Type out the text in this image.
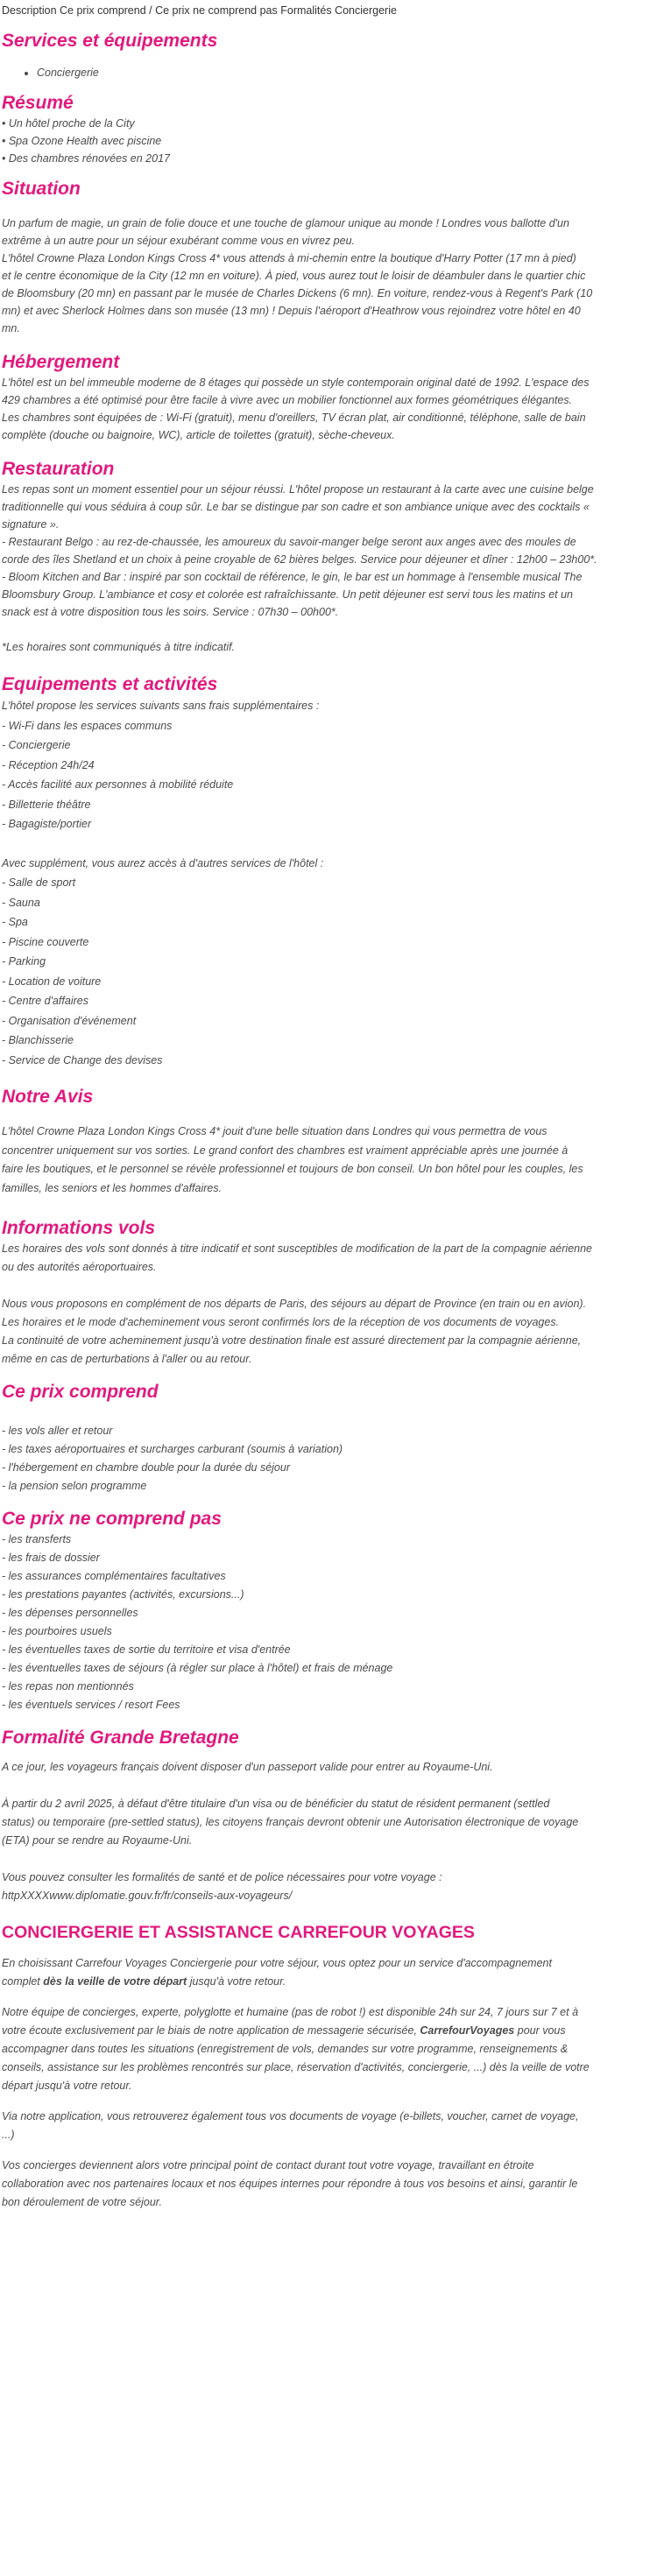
Description Ce prix comprend / Ce prix ne comprend pas Formalités Conciergerie
Services et équipements
• Conciergerie
Résumé
• Un hôtel proche de la City
• Spa Ozone Health avec piscine
• Des chambres rénovées en 2017
Situation
Un parfum de magie, un grain de folie douce et une touche de glamour unique au monde ! Londres vous ballotte d'un
extrême à un autre pour un séjour exubérant comme vous en vivrez peu.
L'hôtel Crowne Plaza London Kings Cross 4* vous attends à mi-chemin entre la boutique d'Harry Potter (17 mn à pied)
et le centre économique de la City (12 mn en voiture). À pied, vous aurez tout le loisir de déambuler dans le quartier chic
de Bloomsbury (20 mn) en passant par le musée de Charles Dickens (6 mn). En voiture, rendez-vous à Regent's Park (10
mn) et avec Sherlock Holmes dans son musée (13 mn) ! Depuis l'aéroport d'Heathrow vous rejoindrez votre hôtel en 40
mn.
Hébergement
L'hôtel est un bel immeuble moderne de 8 étages qui possède un style contemporain original daté de 1992. L'espace des
429 chambres a été optimisé pour être facile à vivre avec un mobilier fonctionnel aux formes géométriques élégantes.
Les chambres sont équipées de : Wi-Fi (gratuit), menu d'oreillers, TV écran plat, air conditionné, téléphone, salle de bain
complète (douche ou baignoire, WC), article de toilettes (gratuit), sèche-cheveux.
Restauration
Les repas sont un moment essentiel pour un séjour réussi. L'hôtel propose un restaurant à la carte avec une cuisine belge
traditionnelle qui vous séduira à coup sûr. Le bar se distingue par son cadre et son ambiance unique avec des cocktails «
signature ».
- Restaurant Belgo : au rez-de-chaussée, les amoureux du savoir-manger belge seront aux anges avec des moules de
corde des îles Shetland et un choix à peine croyable de 62 bières belges. Service pour déjeuner et dîner : 12h00 – 23h00*.
- Bloom Kitchen and Bar : inspiré par son cocktail de référence, le gin, le bar est un hommage à l'ensemble musical The
Bloomsbury Group. L'ambiance et cosy et colorée est rafraîchissante. Un petit déjeuner est servi tous les matins et un
snack est à votre disposition tous les soirs. Service : 07h30 – 00h00*.
*Les horaires sont communiqués à titre indicatif.
Equipements et activités
L'hôtel propose les services suivants sans frais supplémentaires :
- Wi-Fi dans les espaces communs
- Conciergerie
- Réception 24h/24
- Accès facilité aux personnes à mobilité réduite
- Billetterie théâtre
- Bagagiste/portier
Avec supplément, vous aurez accès à d'autres services de l'hôtel :
- Salle de sport
- Sauna
- Spa
- Piscine couverte
- Parking
- Location de voiture
- Centre d'affaires
- Organisation d'événement
- Blanchisserie
- Service de Change des devises
Notre Avis
L'hôtel Crowne Plaza London Kings Cross 4* jouit d'une belle situation dans Londres qui vous permettra de vous
concentrer uniquement sur vos sorties. Le grand confort des chambres est vraiment appréciable après une journée à
faire les boutiques, et le personnel se révèle professionnel et toujours de bon conseil. Un bon hôtel pour les couples, les
familles, les seniors et les hommes d'affaires.
Informations vols
Les horaires des vols sont donnés à titre indicatif et sont susceptibles de modification de la part de la compagnie aérienne
ou des autorités aéroportuaires.
Nous vous proposons en complément de nos départs de Paris, des séjours au départ de Province (en train ou en avion).
Les horaires et le mode d'acheminement vous seront confirmés lors de la réception de vos documents de voyages.
La continuité de votre acheminement jusqu'à votre destination finale est assuré directement par la compagnie aérienne,
même en cas de perturbations à l'aller ou au retour.
Ce prix comprend
- les vols aller et retour
- les taxes aéroportuaires et surcharges carburant (soumis à variation)
- l'hébergement en chambre double pour la durée du séjour
- la pension selon programme
Ce prix ne comprend pas
- les transferts
- les frais de dossier
- les assurances complémentaires facultatives
- les prestations payantes (activités, excursions...)
- les dépenses personnelles
- les pourboires usuels
- les éventuelles taxes de sortie du territoire et visa d'entrée
- les éventuelles taxes de séjours (à régler sur place à l'hôtel) et frais de ménage
- les repas non mentionnés
- les éventuels services / resort Fees
Formalité Grande Bretagne
A ce jour, les voyageurs français doivent disposer d'un passeport valide pour entrer au Royaume-Uni.
À partir du 2 avril 2025, à défaut d'être titulaire d'un visa ou de bénéficier du statut de résident permanent (settled
status) ou temporaire (pre-settled status), les citoyens français devront obtenir une Autorisation électronique de voyage
(ETA) pour se rendre au Royaume-Uni.
Vous pouvez consulter les formalités de santé et de police nécessaires pour votre voyage :
httpXXXXwww.diplomatie.gouv.fr/fr/conseils-aux-voyageurs/
CONCIERGERIE ET ASSISTANCE CARREFOUR VOYAGES
En choisissant Carrefour Voyages Conciergerie pour votre séjour, vous optez pour un service d'accompagnement
complet dès la veille de votre départ jusqu'à votre retour.
Notre équipe de concierges, experte, polyglotte et humaine (pas de robot !) est disponible 24h sur 24, 7 jours sur 7 et à
votre écoute exclusivement par le biais de notre application de messagerie sécurisée, CarrefourVoyages pour vous
accompagner dans toutes les situations (enregistrement de vols, demandes sur votre programme, renseignements &
conseils, assistance sur les problèmes rencontrés sur place, réservation d'activités, conciergerie, ...) dès la veille de votre
départ jusqu'à votre retour.
Via notre application, vous retrouverez également tous vos documents de voyage (e-billets, voucher, carnet de voyage,
...)
Vos concierges deviennent alors votre principal point de contact durant tout votre voyage, travaillant en étroite
collaboration avec nos partenaires locaux et nos équipes internes pour répondre à tous vos besoins et ainsi, garantir le
bon déroulement de votre séjour.
